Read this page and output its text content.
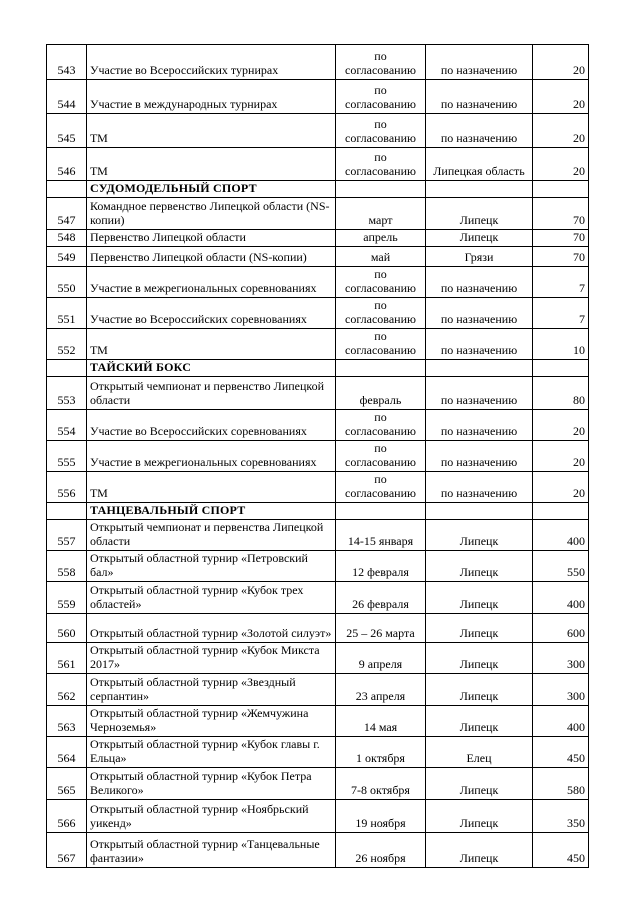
543	Участие во Всероссийских турнирах	по согласованию	по назначению	20
544	Участие в международных турнирах	по согласованию	по назначению	20
545	ТМ	по согласованию	по назначению	20
546	ТМ	по согласованию	Липецкая область	20
	СУДОМОДЕЛЬНЫЙ СПОРТ			
547	Командное первенство Липецкой области (NS-копии)	март	Липецк	70
548	Первенство Липецкой области	апрель	Липецк	70
549	Первенство Липецкой области (NS-копии)	май	Грязи	70
550	Участие в межрегиональных соревнованиях	по согласованию	по назначению	7
551	Участие во Всероссийских соревнованиях	по согласованию	по назначению	7
552	ТМ	по согласованию	по назначению	10
	ТАЙСКИЙ БОКС			
553	Открытый чемпионат и первенство Липецкой области	февраль	по назначению	80
554	Участие во Всероссийских соревнованиях	по согласованию	по назначению	20
555	Участие в межрегиональных соревнованиях	по согласованию	по назначению	20
556	ТМ	по согласованию	по назначению	20
	ТАНЦЕВАЛЬНЫЙ СПОРТ			
557	Открытый чемпионат и первенства Липецкой области	14-15 января	Липецк	400
558	Открытый областной турнир «Петровский бал»	12 февраля	Липецк	550
559	Открытый областной турнир «Кубок трех областей»	26 февраля	Липецк	400
560	Открытый областной турнир «Золотой силуэт»	25 – 26 марта	Липецк	600
561	Открытый областной турнир «Кубок Микста 2017»	9 апреля	Липецк	300
562	Открытый областной турнир «Звездный серпантин»	23 апреля	Липецк	300
563	Открытый областной турнир «Жемчужина Черноземья»	14 мая	Липецк	400
564	Открытый областной турнир «Кубок главы г. Ельца»	1 октября	Елец	450
565	Открытый областной турнир «Кубок Петра Великого»	7-8 октября	Липецк	580
566	Открытый областной турнир «Ноябрьский уикенд»	19 ноября	Липецк	350
567	Открытый областной турнир «Танцевальные фантазии»	26 ноября	Липецк	450
